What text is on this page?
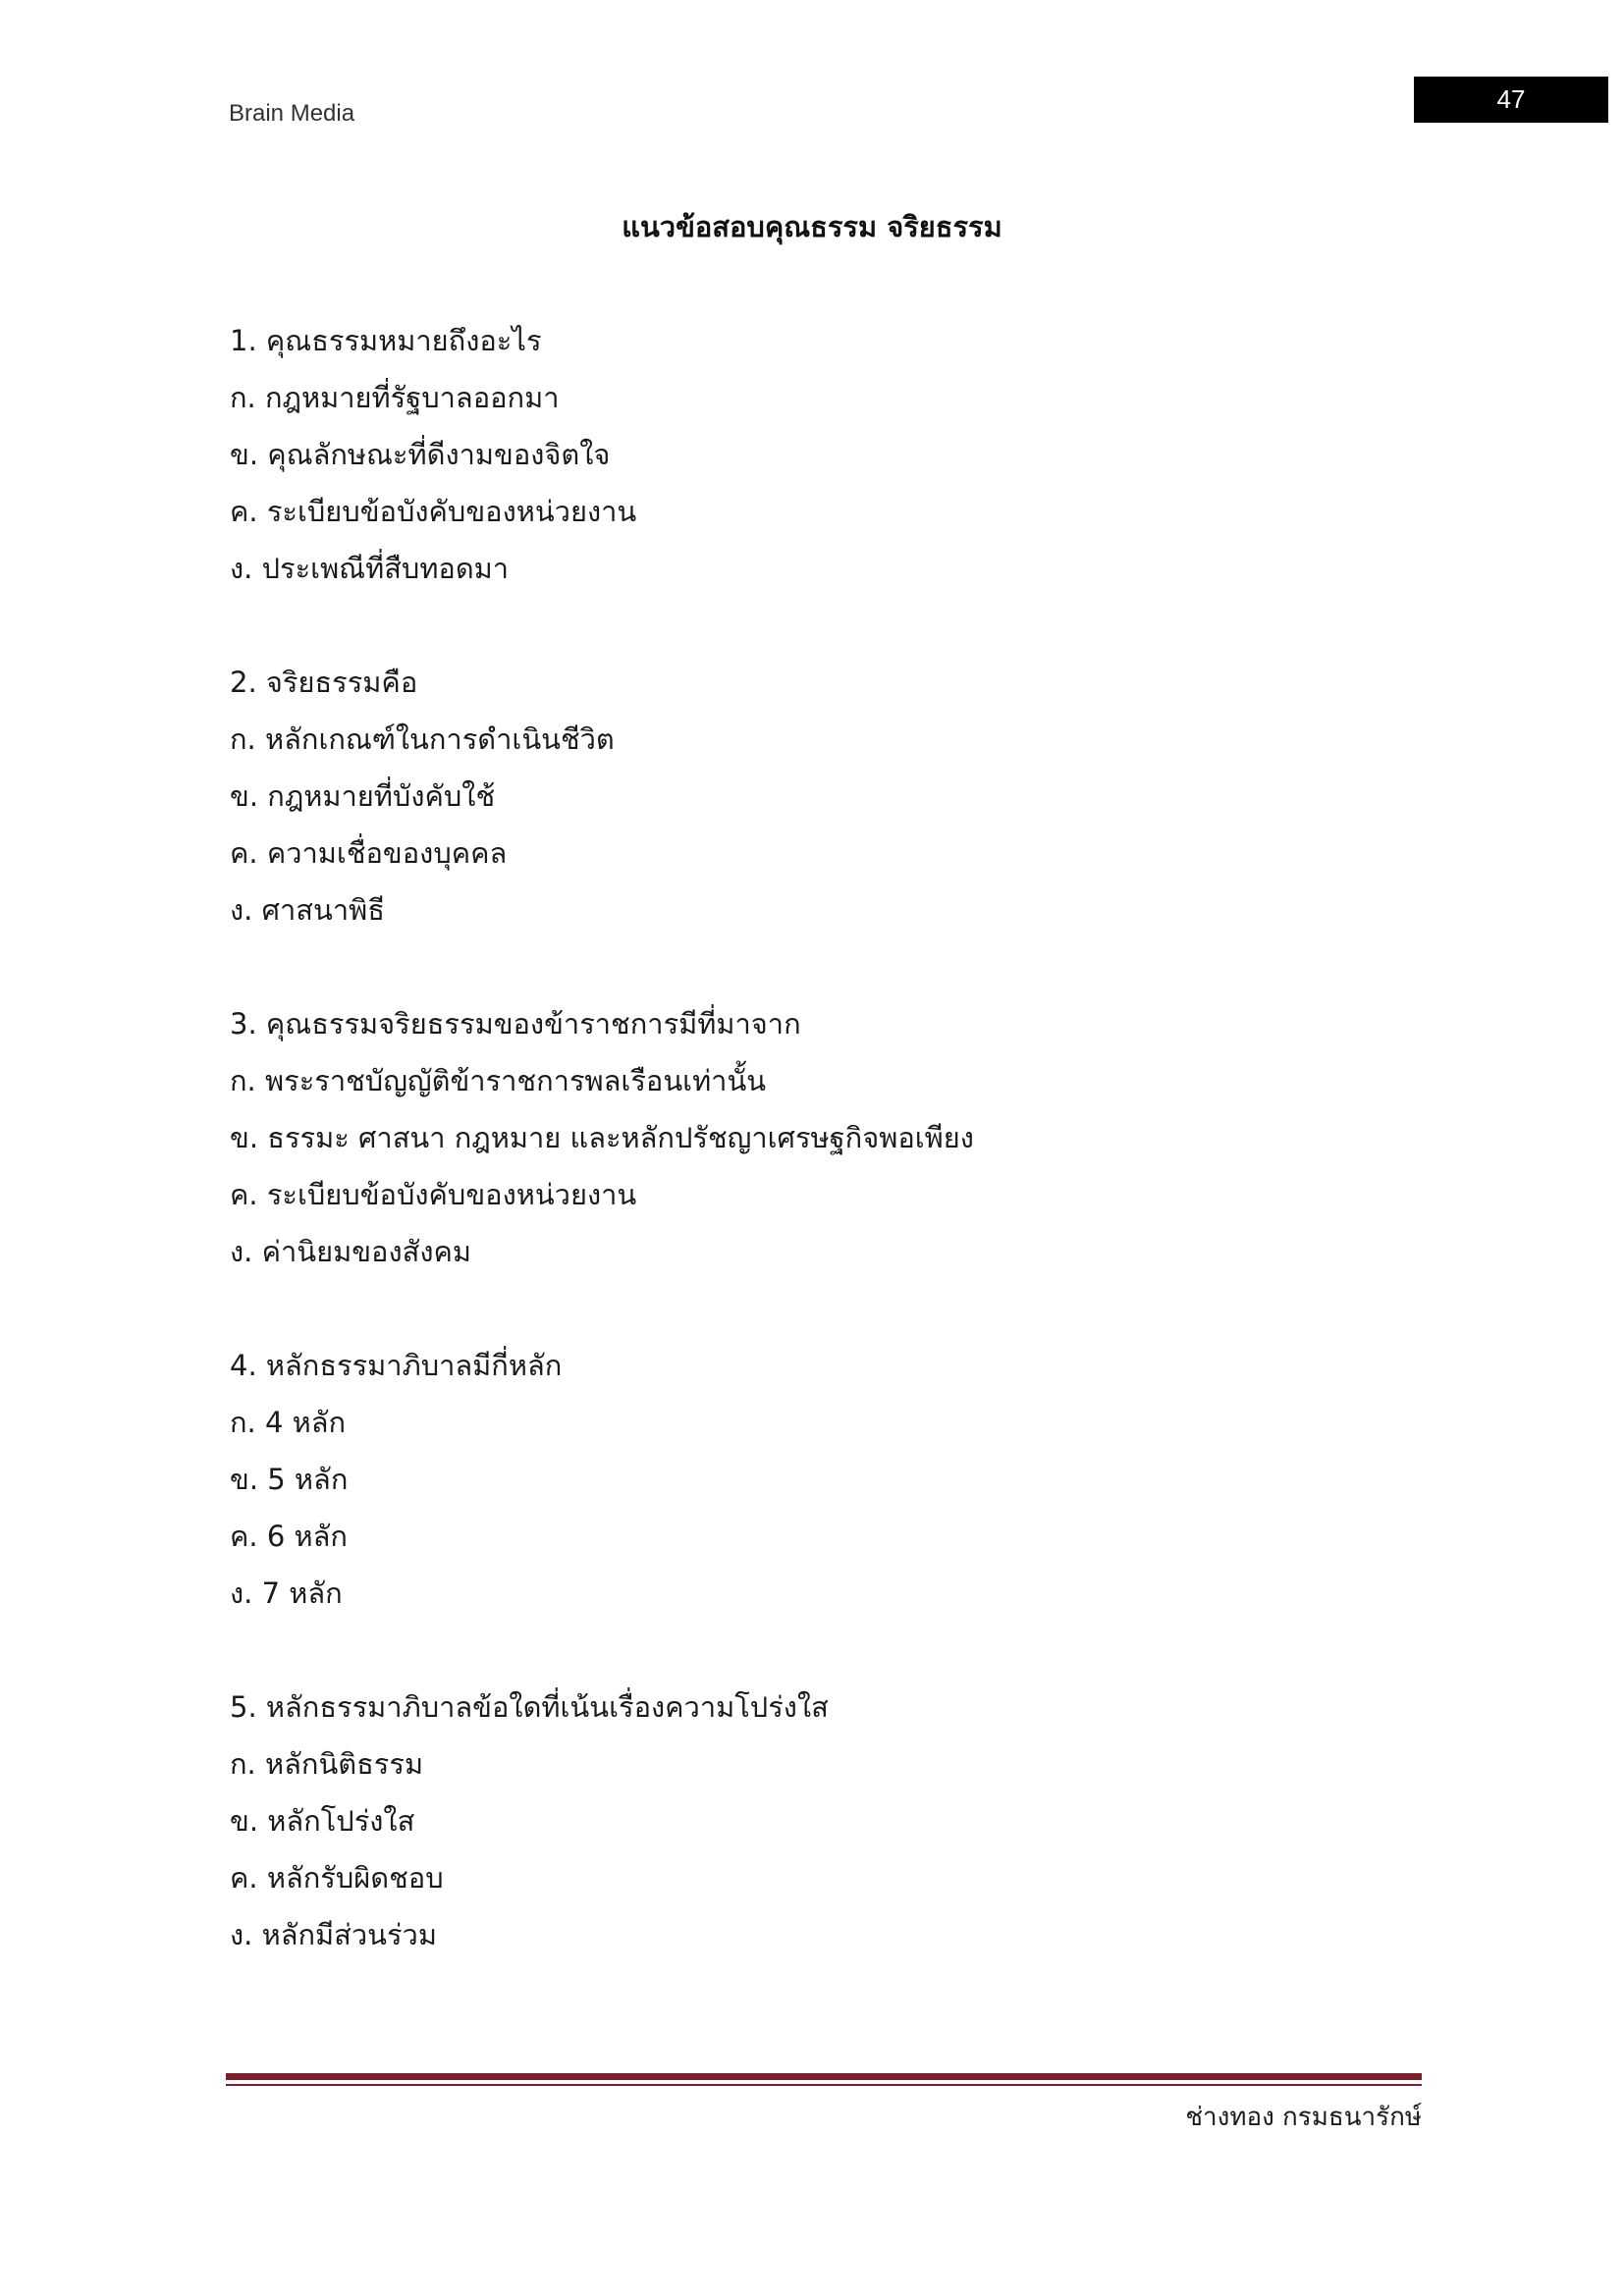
Brain Media	47
แนวข้อสอบคุณธรรม จริยธรรม
1. คุณธรรมหมายถึงอะไร
ก. กฎหมายที่รัฐบาลออกมา
ข. คุณลักษณะที่ดีงามของจิตใจ
ค. ระเบียบข้อบังคับของหน่วยงาน
ง. ประเพณีที่สืบทอดมา
2. จริยธรรมคือ
ก. หลักเกณฑ์ในการดำเนินชีวิต
ข. กฎหมายที่บังคับใช้
ค. ความเชื่อของบุคคล
ง. ศาสนาพิธี
3. คุณธรรมจริยธรรมของข้าราชการมีที่มาจาก
ก. พระราชบัญญัติข้าราชการพลเรือนเท่านั้น
ข. ธรรมะ ศาสนา กฎหมาย และหลักปรัชญาเศรษฐกิจพอเพียง
ค. ระเบียบข้อบังคับของหน่วยงาน
ง. ค่านิยมของสังคม
4. หลักธรรมาภิบาลมีกี่หลัก
ก. 4 หลัก
ข. 5 หลัก
ค. 6 หลัก
ง. 7 หลัก
5. หลักธรรมาภิบาลข้อใดที่เน้นเรื่องความโปร่งใส
ก. หลักนิติธรรม
ข. หลักโปร่งใส
ค. หลักรับผิดชอบ
ง. หลักมีส่วนร่วม
ช่างทอง กรมธนารักษ์
